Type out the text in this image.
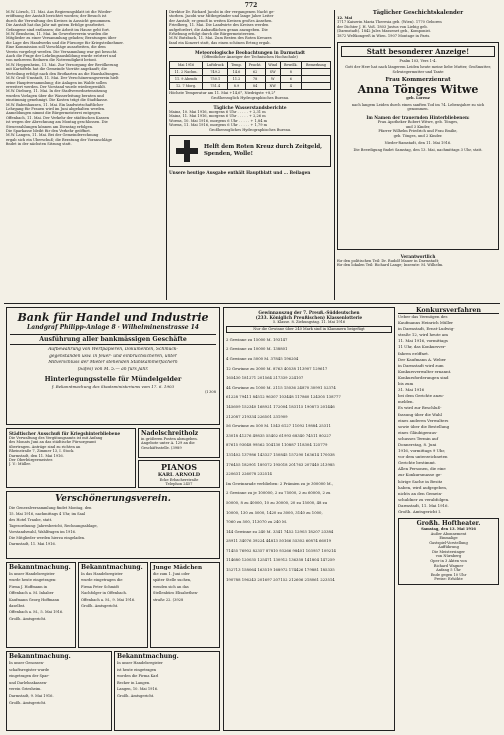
772
M.W. Lörsch, 11. Mai. Aus Regierungsblatt ist die Wieder-
eröffnung der Anstalt berichtet worden; der Besuch ist
durch die Verwaltung des Kreises in Aussicht genommen.
Die Anstalt hat das Jahr mit gutem Erfolge gearbeitet.
Gefangene sind entlassen; die Arbeit im Hause geht fort.
M.W. Bensheim, 11. Mai. Im Gewerbeverein wurden die
Mitglieder zu einer Versammlung geladen; Beratungen über
die Lage des Handwerks und die Fürsorge für Kriegsteilnehmer.
Eine Kommission soll Vorschläge ausarbeiten, die dem
Verein vorgelegt werden. Die Versammlung war gut besucht.
Auch die Frage der Lehrlingsausbildung wurde erörtert und
von mehreren Rednern die Notwendigkeit betont.
M.W. Heppenheim, 11. Mai. Zur Versorgung der Bevölkerung
mit Kartoffeln hat die Gemeinde Vorräte angekauft; die
Verteilung erfolgt nach den Brotkarten an die Haushaltungen.
M.W. Groß-Umstadt, 11. Mai. Der Verschönerungsverein hielt
seine Hauptversammlung; die Anlagen im Walde sollen
erweitert werden. Der Vorstand wurde wiedergewählt.
M.W. Dieburg, 11. Mai. In der Stadtverordnetensitzung
wurden Vorlagen über die Wasserleitung beraten und
einstimmig genehmigt. Die Kosten trägt die Stadtkasse.
M.W. Babenhausen, 11. Mai. Ein landwirtschaftlicher
Lehrgang für Frauen wird im Juni abgehalten werden.
Anmeldungen nimmt die Bürgermeisterei entgegen.
Offenbach, 11. Mai. Der Verkehr der städtischen Kassen
ist wegen der Abrechnung am Montag geschlossen. Die
Steuerzahlungen können am Dienstag erfolgen.
Die Sparkasse bleibt für den Verkehr geöffnet.
M.W. Langen, 11. Mai. Bei der Gemeinderechnung
ergab sich ein Überschuß; die Beratung der Voranschläge
findet in der nächsten Sitzung statt.
Direktor Dr. Richard Jacobi in der vergangenen Nacht ge-
storben. Jacobi war Mitbegründer und lange Jahre Leiter
der Anstalt; er genoß in weiten Kreisen großes Ansehen.
Friedberg, 11. Mai. Die Landwirte des Kreises werden
aufgefordert, die Anbauflächen genau anzugeben. Die
Erhebung erfolgt durch die Bürgermeistereien.
M.W. Butzbach, 11. Mai. Zum Besten des Roten Kreuzes
fand ein Konzert statt, das einen schönen Ertrag ergab.
Meteorologische Beobachtungen in Darmstadt
(Öffentlicher Anzeiger der Technischen Hochschule)
Mai 1916	Luftdruck	Temp.	Feucht.	Wind	Bewölk.	Bemerkung
11. 2 Nachm.	749.2	14.6	62	SW	8	
11. 9 Abends	750.1	11.2	78	W	6	
12. 7 Morg.	751.4	8.9	84	NW	4	
Höchste Temperatur am 11. Mai +14,6°, Niedrigste +8,2°
Großherzoglich Hydrographisches Bureau.
Tägliche Wasserstandsberichte
Mainz, 10. Mai 1916, morgens 6 Uhr . . . . . + 2,31 m
Mainz, 11. Mai 1916, morgens 6 Uhr . . . . . + 2,26 m
Worms, 10. Mai 1916, morgens 6 Uhr . . . . . + 1,84 m
Worms, 11. Mai 1916, morgens 6 Uhr . . . . . + 1,79 m
Großherzogliches Hydrographisches Bureau.
Helft dem Roten Kreuz durch Zeitgeld, Spenden, Wolle!
Unsere heutige Ausgabe enthält Hauptblatt und ... Beilagen
Täglicher Geschichtskalender
12. Mai
1717 Kaiserin Maria Theresia geb. (Wien). 1770 Geboren
der Dichter J. H. Voß. 1803 Justus von Liebig geb.
(Darmstadt). 1842 Jules Massenet geb., Komponist.
1872 Weltkongreß in Wien. 1907 Montage in Paris.
Statt besonderer Anzeige!
Psalm 103, Vers 1-4.
Gott der Herr hat nach längerem Leiden heute meine liebe Mutter, Großmutter, Schwiegermutter und Tante
Frau Kommerzienrat
Anna Tönges Witwe
geb. Lorenz
nach langem Leiden durch einen sanften Tod im 74. Lebensjahre zu sich genommen.
Im Namen der trauernden Hinterbliebenen:
Frau Apotheker Robert Witwe, geb. Tönges,
und 3 Kinder,
Pfarrer Wilhelm Friedrich und Frau Emilie,
geb. Tönges, und 2 Kinder.
Nieder-Ramstadt, den 11. Mai 1916.
Die Beerdigung findet Samstag, den 13. Mai, nachmittags 3 Uhr, statt.
Verantwortlich
für den politischen Teil: Dr. Rudolf Mauer in Darmstadt;
für den lokalen Teil: Richard Lange; Inserate: M. Wilhelm.
Bank für Handel und Industrie
Landgraf Philipp-Anlage 8 · Wilhelminenstrasse 14
Ausführung aller bankmässigen Geschäfte
Aufbewahrung von Wertpapieren, Dokumenten, Schmuck-
gegenständen usw. in feuer- und einbruchsicheren, unter
Mitverschluss der Mieter stehenden Stahlkammerfächern
(Safes) von M. 5.— an fürs Jahr.
Hinterlegungsstelle für Mündelgelder
f. Bekanntmachung des Staatsministeriums vom 17. 6. 1903
(I 308
Gewinnauszug der 7. Preuß.-Süddeutschen
(233. Königlich Preußischen) Klassenlotterie
5. Klasse. 8. Ziehungstag. 11. Mai 1916
Nur die Gewinne über 240 Mark sind in Klammern beigefügt
2 Gewinne zu 15000 M. 193147
2 Gewinne zu 10000 M. 138801
4 Gewinne zu 5000 M. 37845 196204
12 Gewinne zu 3000 M. 8763 40538 113907 129617
165430 181271 201564 217339 224107
44 Gewinne zu 1000 M. 2115 15036 24870 30991 52374
61228 79411 84512 96307 103448 117860 124305 138777
145609 152340 168921 172004 183115 190873 201446
212087 219334 226501 231909
56 Gewinne zu 500 M. 1543 6127 11092 19884 25311
33018 41276 49835 55402 61993 68340 74511 80227
87615 93048 99562 104130 110887 118304 125779
131402 137986 143327 150845 157290 163614 170038
176455 182901 189372 195018 201763 207440 213985
220631 226078 232514
Im Gewinnrade verblieben: 2 Prämien zu je 300000 M.,
2 Gewinne zu je 100000, 2 zu 75000, 2 zu 60000, 2 zu
50000, 8 zu 40000, 10 zu 30000, 20 zu 15000, 48 zu
10000, 130 zu 5000, 1420 zu 3000, 3140 zu 1000,
7060 zu 500, 113070 zu 240 M.
144 Gewinne zu 240 M. 3341 7452 12903 18207 23384
28911 34076 39224 44813 50166 55302 60874 66019
71455 76902 82357 87810 93266 98401 103957 109214
114680 120035 125471 130912 136358 141804 147259
152713 158064 163519 168972 174426 179881 185335
190788 196243 201697 207152 212606 218061 223514
Konkursverfahren
Ueber das Vermögen des
Kaufmanns Heinrich Müller
in Darmstadt, Ernst-Ludwig-
straße 12, wird heute am
11. Mai 1916, vormittags
11 Uhr, das Konkursver-
fahren eröffnet.
Der Kaufmann A. Weber
in Darmstadt wird zum
Konkursverwalter ernannt.
Konkursforderungen sind
bis zum
31. Mai 1916
bei dem Gerichte anzu-
melden.
Es wird zur Beschluß-
fassung über die Wahl
eines anderen Verwalters
sowie über die Bestellung
eines Gläubigeraus-
schusses Termin auf
Donnerstag, 8. Juni
1916, vormittags 9 Uhr,
vor dem unterzeichneten
Gerichte bestimmt.
Allen Personen, die eine
zur Konkursmasse ge-
hörige Sache in Besitz
haben, wird aufgegeben,
nichts an den Gemein-
schuldner zu verabfolgen.
Darmstadt, 11. Mai 1916.
Großh. Amtsgericht I.
Großh. Hoftheater.
Samstag, den 13. Mai 1916
Außer Abonnement
Einmalige
Gastspiel-Vorstellung
Aufführung
Die Meistersinger
von Nürnberg
Oper in 3 Akten von
Richard Wagner
Anfang 5 Uhr
Ende gegen 10 Uhr
Preise: Erhöhte
Städtischer Ausschuß für Kriegshinterbliebene
Die Verwaltung des Vergütungsamts ist mit Anfang
des Monats Juni an das städtische Fürsorgeamt
übertragen. Anträge sind zu richten an
Rheinstraße 7, Zimmer 13, I. Stock.
Darmstadt, den 11. Mai 1916.
Der Oberbürgermeister.
J. V.: Müller.
Nadelschreitholz
in größeren Posten abzugeben.
Angebote unter A. 129 an die
Geschäftsstelle. (3989
PIANOS
KARL ARNOLD
Ecke Erbacherstraße
Telephon 2457
Verschönerungsverein.
Die Generalversammlung findet Montag, den
15. Mai 1916, nachmittags 4 Uhr, im Saal
des Hotel Traube, statt.
Tagesordnung: Jahresbericht, Rechnungsablage,
Vorstandswahl, Wahlfragen im 1916.
Die Mitglieder werden hierzu eingeladen.
Darmstadt, 11. Mai 1916.
Bekanntmachung.
In unser Handelsregister
wurde heute eingetragen:
Firma J. Hoffmann in
Offenbach a. M. Inhaber
Kaufmann Georg Hoffmann
daselbst.
Offenbach a. M., 5. Mai 1916.
Großh. Amtsgericht.
Bekanntmachung.
In das Handelsregister
wurde eingetragen die
Firma Peter Schmidt
Nachfolger in Offenbach.
Offenbach a. M., 9. Mai 1916.
Großh. Amtsgericht.
Junge Mädchen
die zum 1. Juni oder
später Stelle suchen,
wenden sich an das
Stellenbüro Elisabethen-
straße 22. (3928
Bekanntmachung.
In unser Genossen-
schaftsregister wurde
eingetragen der Spar-
und Darlehnskassen-
verein Griesheim.
Darmstadt, 9. Mai 1916.
Großh. Amtsgericht.
Bekanntmachung.
In unser Handelsregister
ist heute eingetragen
worden die Firma Karl
Becker in Langen.
Langen, 10. Mai 1916.
Großh. Amtsgericht.
